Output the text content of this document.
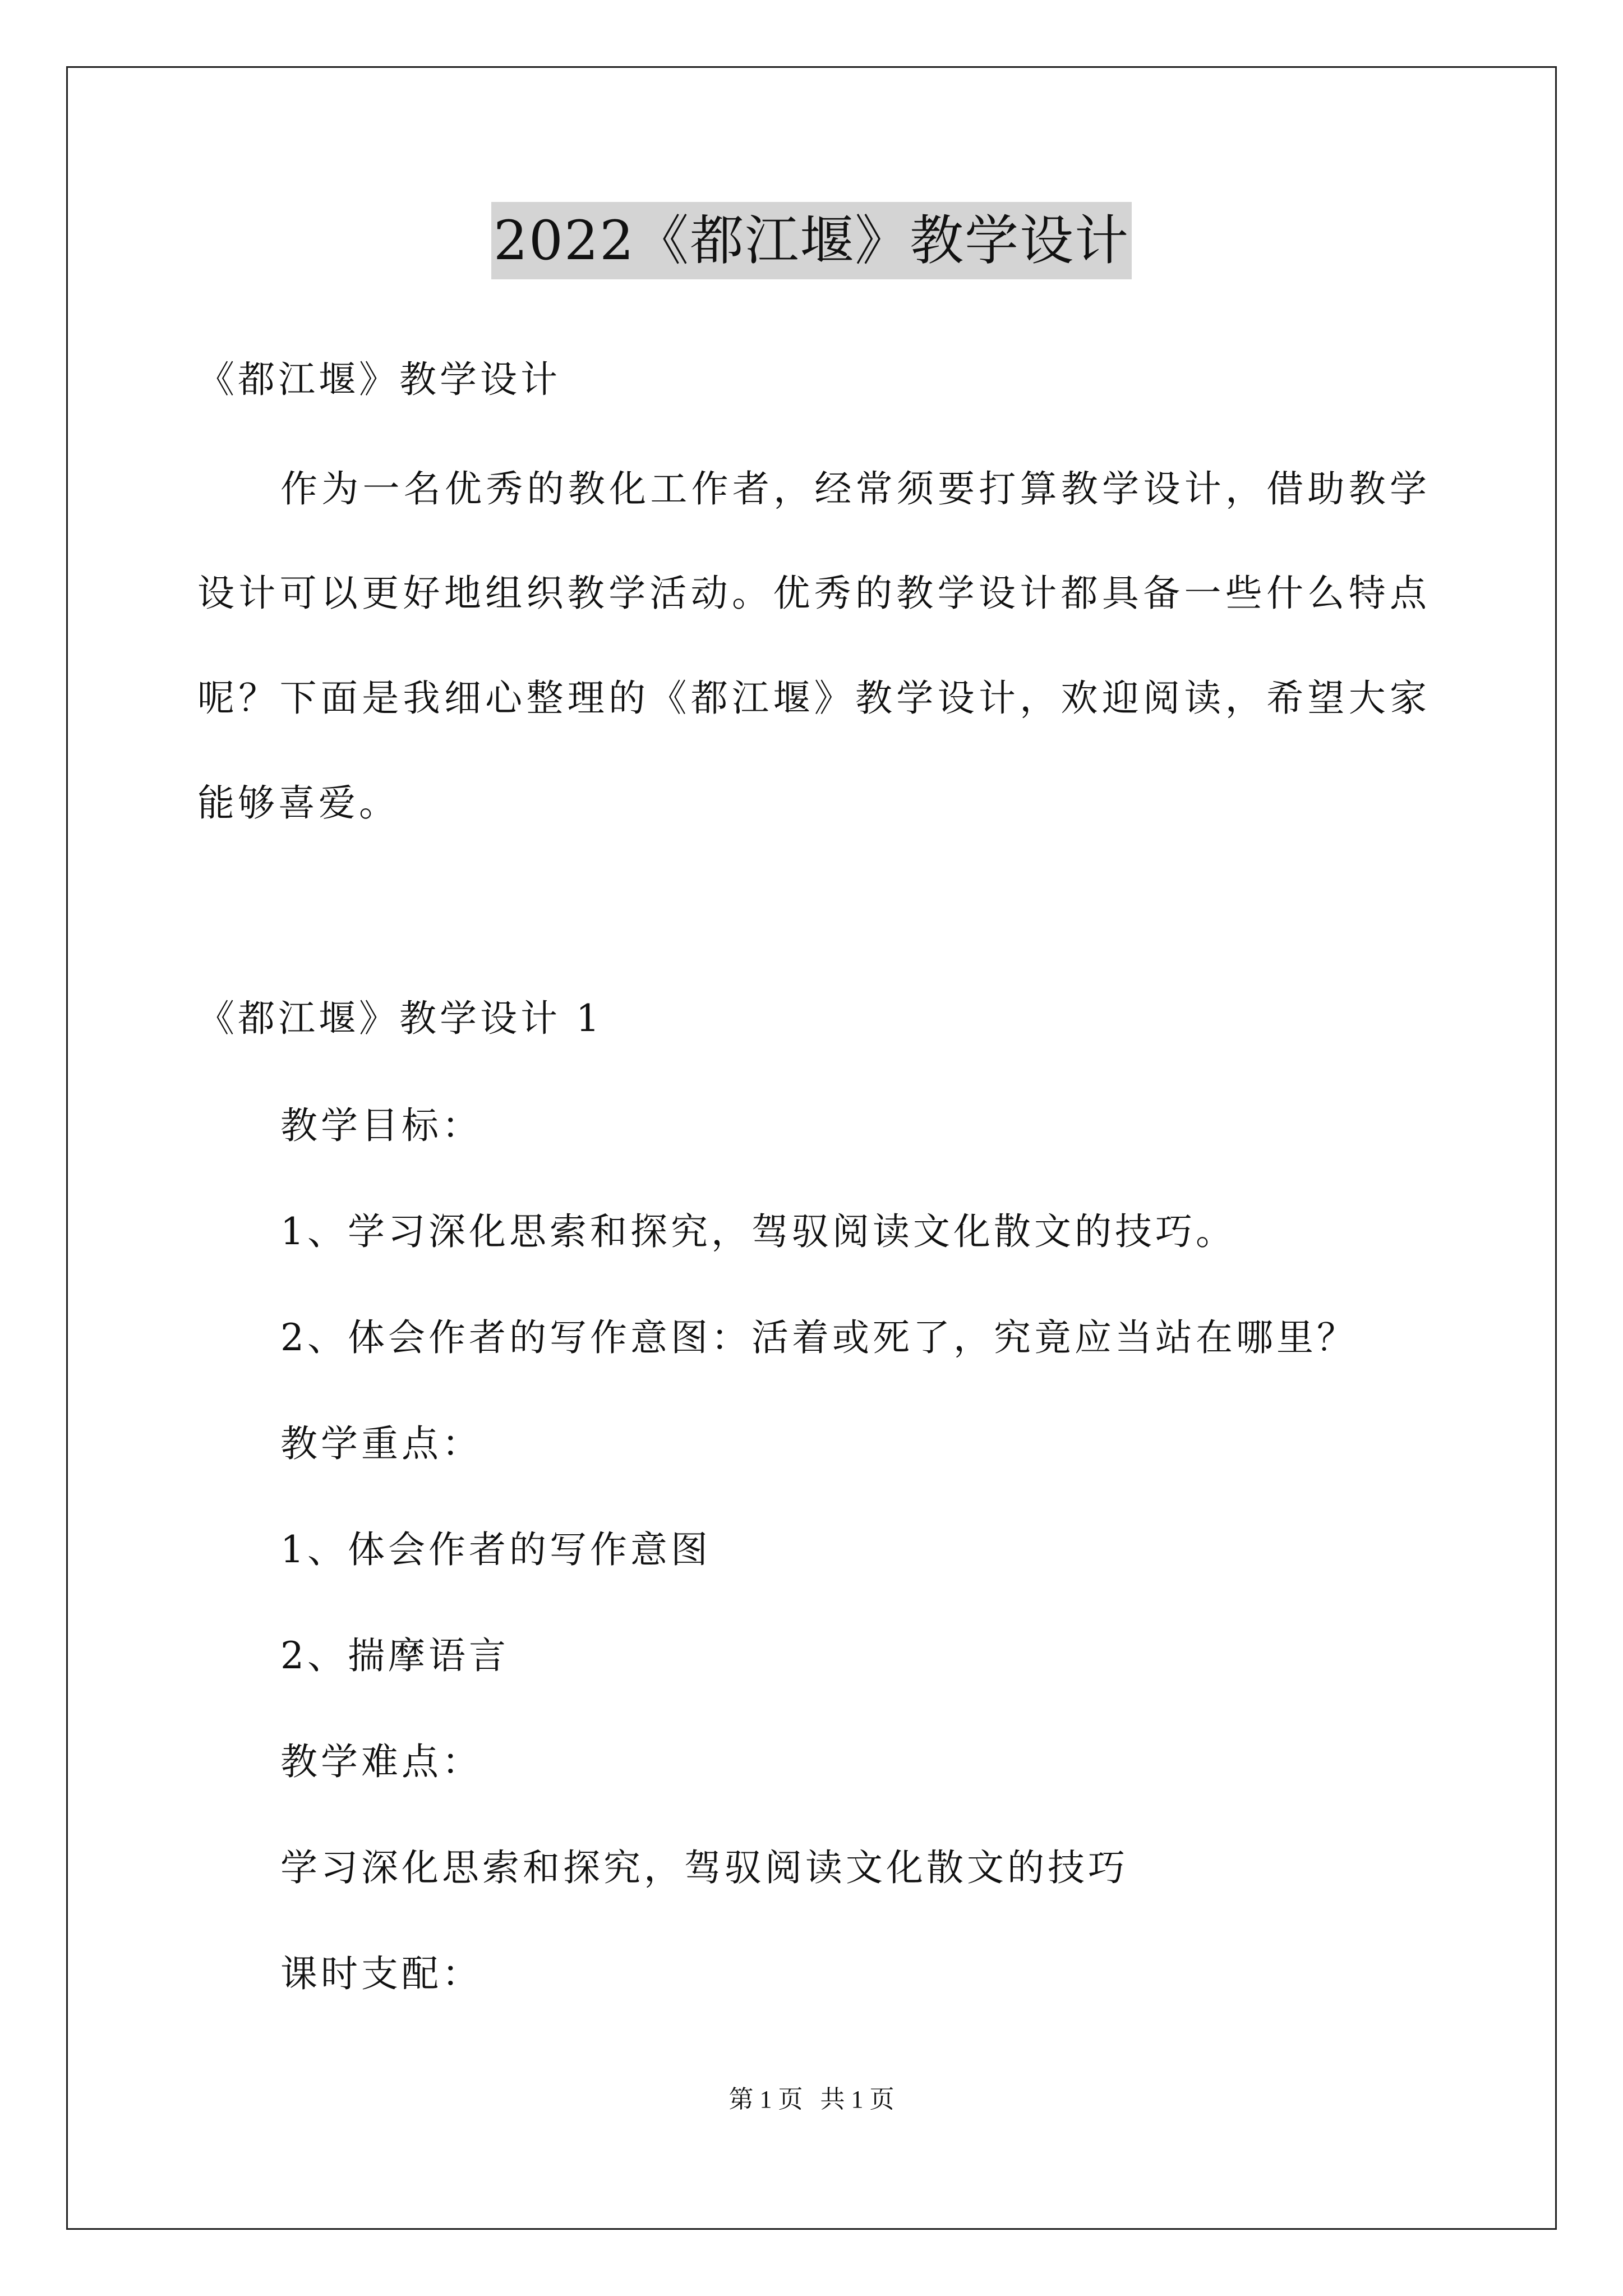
2022《都江堰》教学设计
《都江堰》教学设计
作为一名优秀的教化工作者，经常须要打算教学设计，借助教学
设计可以更好地组织教学活动。优秀的教学设计都具备一些什么特点
呢？下面是我细心整理的《都江堰》教学设计，欢迎阅读，希望大家
能够喜爱。
《都江堰》教学设计 1
教学目标：
1、学习深化思索和探究，驾驭阅读文化散文的技巧。
2、体会作者的写作意图：活着或死了，究竟应当站在哪里？
教学重点：
1、体会作者的写作意图
2、揣摩语言
教学难点：
学习深化思索和探究，驾驭阅读文化散文的技巧
课时支配：
第 1 页 共 1 页
